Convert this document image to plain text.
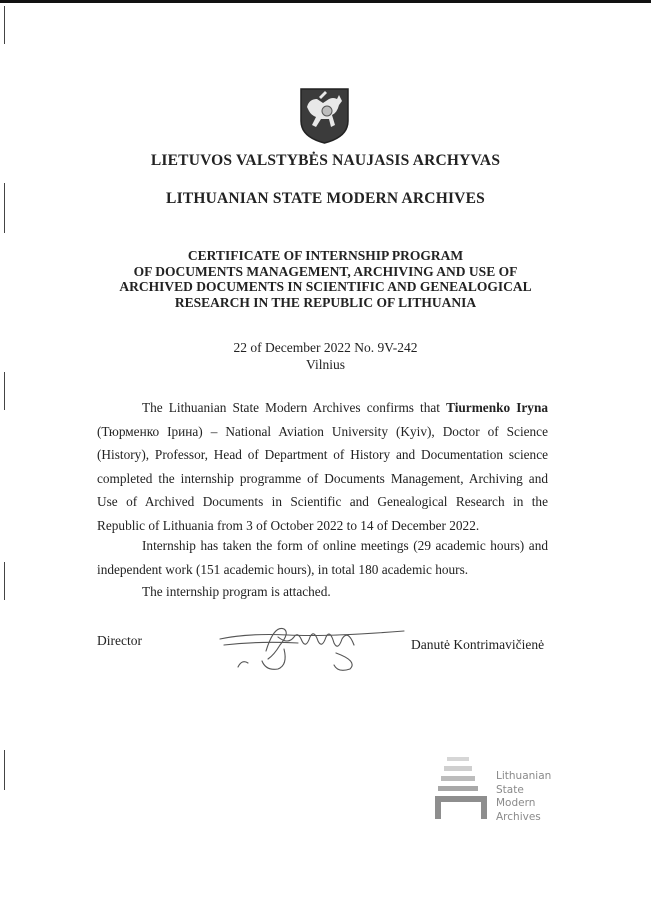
LIETUVOS VALSTYBĖS NAUJASIS ARCHYVAS
LITHUANIAN STATE MODERN ARCHIVES
CERTIFICATE OF INTERNSHIP PROGRAM
OF DOCUMENTS MANAGEMENT, ARCHIVING AND USE OF
ARCHIVED DOCUMENTS IN SCIENTIFIC AND GENEALOGICAL
RESEARCH IN THE REPUBLIC OF LITHUANIA
22 of December 2022 No. 9V-242
Vilnius
The Lithuanian State Modern Archives confirms that Tiurmenko Iryna (Тюрменко Ірина) – National Aviation University (Kyiv), Doctor of Science (History), Professor, Head of Department of History and Documentation science completed the internship programme of Documents Management, Archiving and Use of Archived Documents in Scientific and Genealogical Research in the Republic of Lithuania from 3 of October 2022 to 14 of December 2022.
Internship has taken the form of online meetings (29 academic hours) and independent work (151 academic hours), in total 180 academic hours.
The internship program is attached.
Director	Danutė Kontrimavičienė
Lithuanian
State
Modern
Archives
